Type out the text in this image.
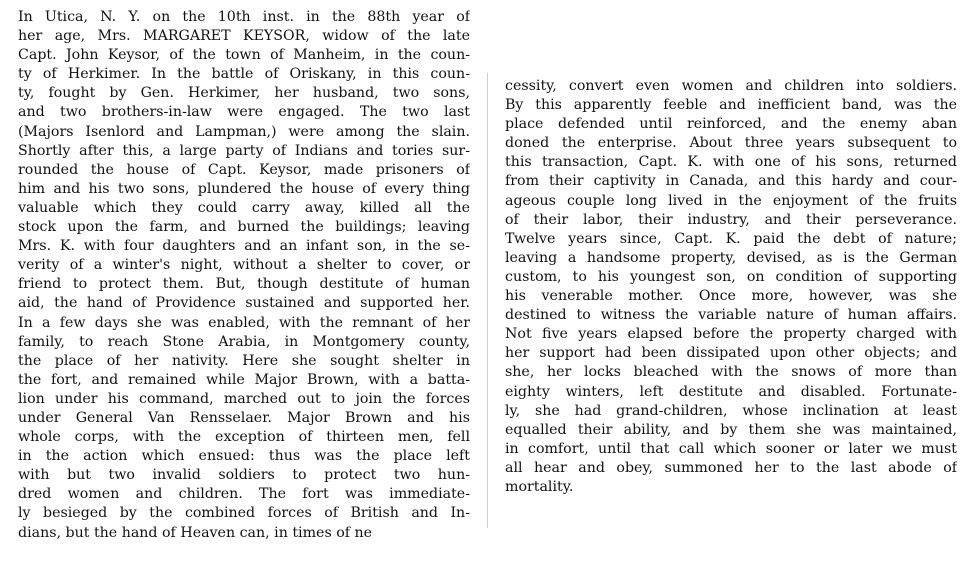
In Utica, N. Y. on the 10th inst. in the 88th year of
her age, Mrs. MARGARET KEYSOR, widow of the late
Capt. John Keysor, of the town of Manheim, in the coun-
ty of Herkimer. In the battle of Oriskany, in this coun-
ty, fought by Gen. Herkimer, her husband, two sons,
and two brothers-in-law were engaged. The two last
(Majors Isenlord and Lampman,) were among the slain.
Shortly after this, a large party of Indians and tories sur-
rounded the house of Capt. Keysor, made prisoners of
him and his two sons, plundered the house of every thing
valuable which they could carry away, killed all the
stock upon the farm, and burned the buildings; leaving
Mrs. K. with four daughters and an infant son, in the se-
verity of a winter's night, without a shelter to cover, or
friend to protect them. But, though destitute of human
aid, the hand of Providence sustained and supported her.
In a few days she was enabled, with the remnant of her
family, to reach Stone Arabia, in Montgomery county,
the place of her nativity. Here she sought shelter in
the fort, and remained while Major Brown, with a batta-
lion under his command, marched out to join the forces
under General Van Rensselaer. Major Brown and his
whole corps, with the exception of thirteen men, fell
in the action which ensued: thus was the place left
with but two invalid soldiers to protect two hun-
dred women and children. The fort was immediate-
ly besieged by the combined forces of British and In-
dians, but the hand of Heaven can, in times of ne
cessity, convert even women and children into soldiers.
By this apparently feeble and inefficient band, was the
place defended until reinforced, and the enemy aban
doned the enterprise. About three years subsequent to
this transaction, Capt. K. with one of his sons, returned
from their captivity in Canada, and this hardy and cour-
ageous couple long lived in the enjoyment of the fruits
of their labor, their industry, and their perseverance.
Twelve years since, Capt. K. paid the debt of nature;
leaving a handsome property, devised, as is the German
custom, to his youngest son, on condition of supporting
his venerable mother. Once more, however, was she
destined to witness the variable nature of human affairs.
Not five years elapsed before the property charged with
her support had been dissipated upon other objects; and
she, her locks bleached with the snows of more than
eighty winters, left destitute and disabled. Fortunate-
ly, she had grand-children, whose inclination at least
equalled their ability, and by them she was maintained,
in comfort, until that call which sooner or later we must
all hear and obey, summoned her to the last abode of
mortality.
